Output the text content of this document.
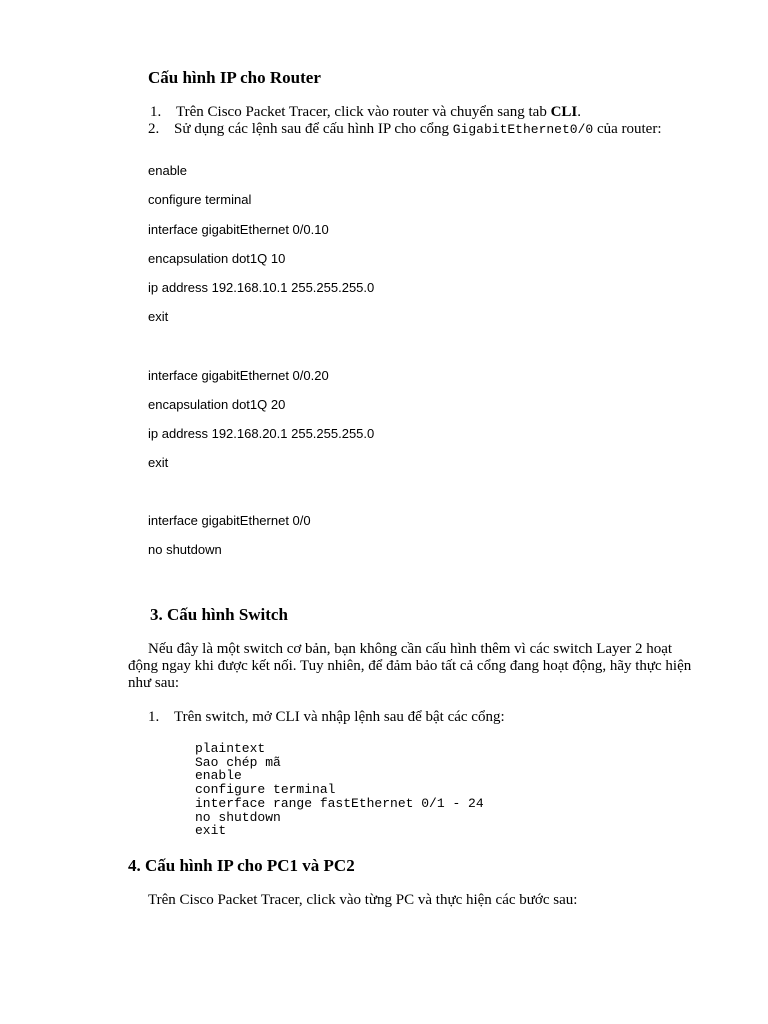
Cấu hình IP cho Router
1. Trên Cisco Packet Tracer, click vào router và chuyển sang tab CLI.
2. Sử dụng các lệnh sau để cấu hình IP cho cổng GigabitEthernet0/0 của router:
enable
configure terminal
interface gigabitEthernet 0/0.10
encapsulation dot1Q 10
ip address 192.168.10.1 255.255.255.0
exit
interface gigabitEthernet 0/0.20
encapsulation dot1Q 20
ip address 192.168.20.1 255.255.255.0
exit
interface gigabitEthernet 0/0
no shutdown
3. Cấu hình Switch
Nếu đây là một switch cơ bản, bạn không cần cấu hình thêm vì các switch Layer 2 hoạt động ngay khi được kết nối. Tuy nhiên, để đảm bảo tất cả cổng đang hoạt động, hãy thực hiện như sau:
1. Trên switch, mở CLI và nhập lệnh sau để bật các cổng:
plaintext
Sao chép mã
enable
configure terminal
interface range fastEthernet 0/1 - 24
no shutdown
exit
4. Cấu hình IP cho PC1 và PC2
Trên Cisco Packet Tracer, click vào từng PC và thực hiện các bước sau:
